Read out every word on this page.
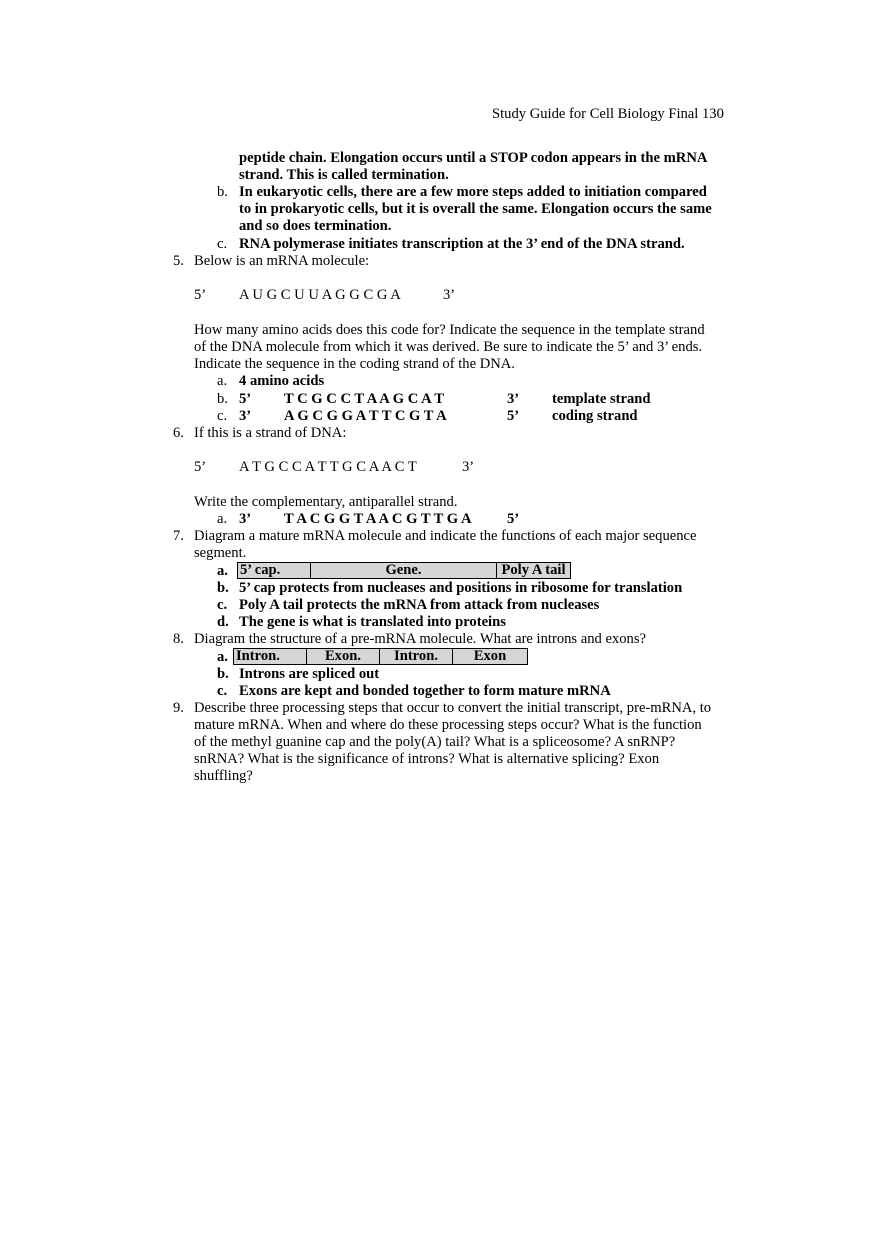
Study Guide for Cell Biology Final 130
peptide chain. Elongation occurs until a STOP codon appears in the mRNA
strand. This is called termination.
b. In eukaryotic cells, there are a few more steps added to initiation compared
to in prokaryotic cells, but it is overall the same. Elongation occurs the same
and so does termination.
c. RNA polymerase initiates transcription at the 3’ end of the DNA strand.
5. Below is an mRNA molecule:
5’ A U G C U U A G G C G A	3’
How many amino acids does this code for? Indicate the sequence in the template strand
of the DNA molecule from which it was derived. Be sure to indicate the 5’ and 3’ ends.
Indicate the sequence in the coding strand of the DNA.
a. 4 amino acids
b. 5’ T C G C C T A A G C A T	3’ template strand
c. 3’ A G C G G A T T C G T A	5’ coding strand
6. If this is a strand of DNA:
5’ A T G C C A T T G C A A C T	3’
Write the complementary, antiparallel strand.
a. 3’ T A C G G T A A C G T T G A 5’
7. Diagram a mature mRNA molecule and indicate the functions of each major sequence
segment.
a. 5’ cap.	Gene.	Poly A tail
b. 5’ cap protects from nucleases and positions in ribosome for translation
c. Poly A tail protects the mRNA from attack from nucleases
d. The gene is what is translated into proteins
8. Diagram the structure of a pre-mRNA molecule. What are introns and exons?
a. Intron.	Exon.	Intron.	Exon
b. Introns are spliced out
c. Exons are kept and bonded together to form mature mRNA
9. Describe three processing steps that occur to convert the initial transcript, pre-mRNA, to
mature mRNA. When and where do these processing steps occur? What is the function
of the methyl guanine cap and the poly(A) tail? What is a spliceosome? A snRNP?
snRNA? What is the significance of introns? What is alternative splicing? Exon
shuffling?
